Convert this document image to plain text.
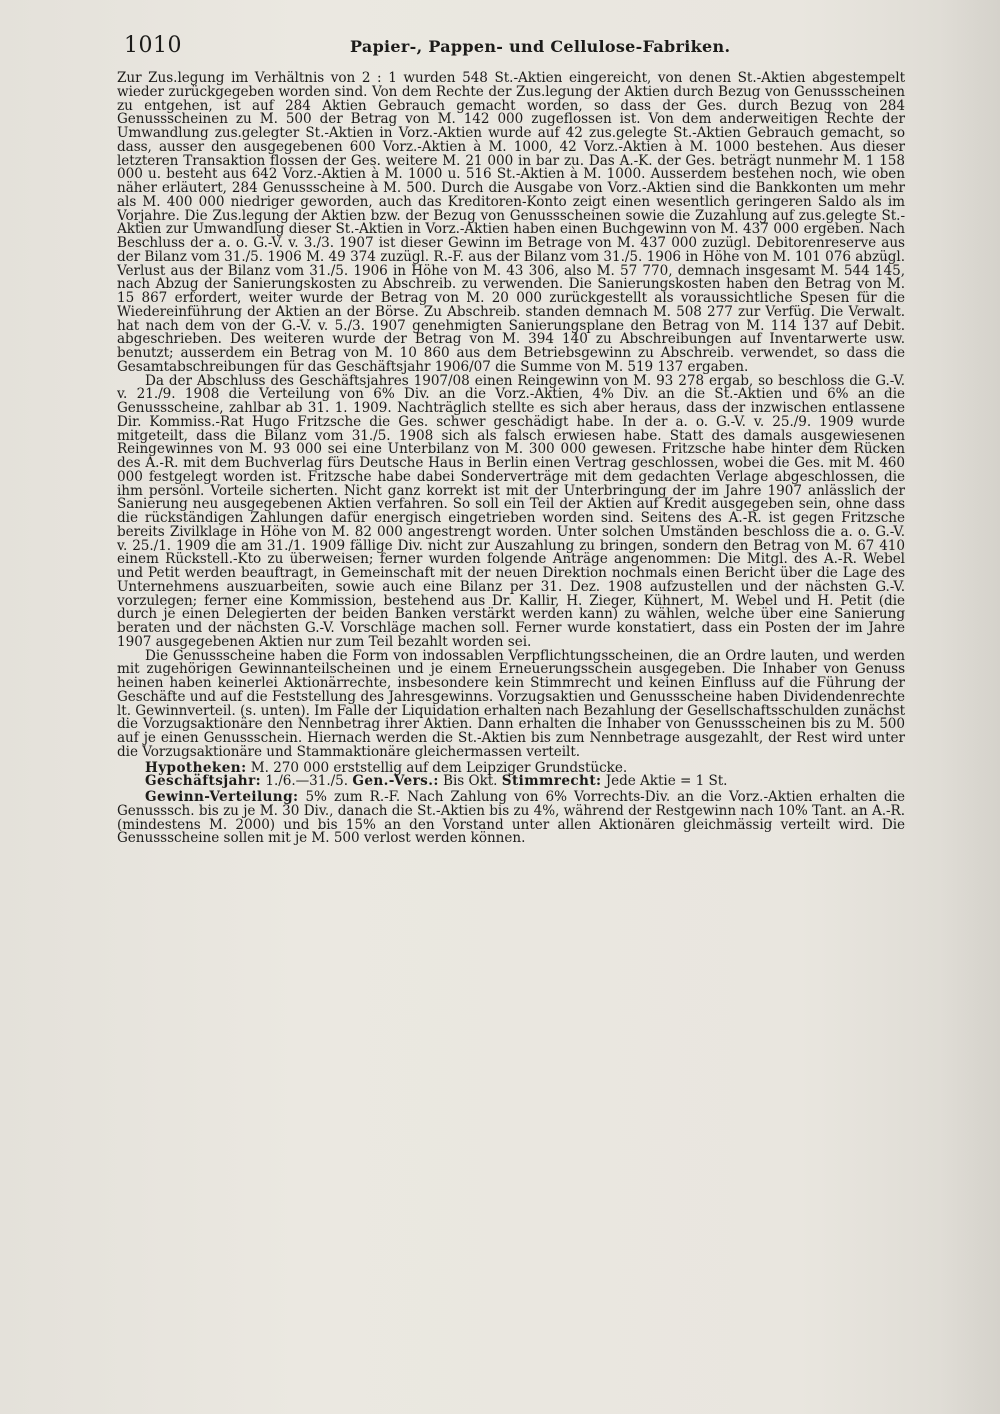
1010	Papier-, Pappen- und Cellulose-Fabriken.

Zur Zus.legung im Verhältnis von 2 : 1 wurden 548 St.-Aktien eingereicht, von denen St.-Aktien abgestempelt wieder zurückgegeben worden sind. Von dem Rechte der Zus.legung der Aktien durch Bezug von Genussscheinen zu entgehen, ist auf 284 Aktien Gebrauch gemacht worden, so dass der Ges. durch Bezug von 284 Genussscheinen zu M. 500 der Betrag von M. 142 000 zugeflossen ist. Von dem anderweitigen Rechte der Umwandlung zus.gelegter St.-Aktien in Vorz.-Aktien wurde auf 42 zus.gelegte St.-Aktien Gebrauch gemacht, so dass, ausser den ausgegebenen 600 Vorz.-Aktien à M. 1000, 42 Vorz.-Aktien à M. 1000 bestehen. Aus dieser letzteren Transaktion flossen der Ges. weitere M. 21 000 in bar zu. Das A.-K. der Ges. beträgt nunmehr M. 1 158 000 u. besteht aus 642 Vorz.-Aktien à M. 1000 u. 516 St.-Aktien à M. 1000. Ausserdem bestehen noch, wie oben näher erläutert, 284 Genussscheine à M. 500. Durch die Ausgabe von Vorz.-Aktien sind die Bankkonten um mehr als M. 400 000 niedriger geworden, auch das Kreditoren-Konto zeigt einen wesentlich geringeren Saldo als im Vorjahre. Die Zus.legung der Aktien bzw. der Bezug von Genussscheinen sowie die Zuzahlung auf zus.gelegte St.-Aktien zur Umwandlung dieser St.-Aktien in Vorz.-Aktien haben einen Buchgewinn von M. 437 000 ergeben. Nach Beschluss der a. o. G.-V. v. 3./3. 1907 ist dieser Gewinn im Betrage von M. 437 000 zuzügl. Debitorenreserve aus der Bilanz vom 31./5. 1906 M. 49 374 zuzügl. R.-F. aus der Bilanz vom 31./5. 1906 in Höhe von M. 101 076 abzügl. Verlust aus der Bilanz vom 31./5. 1906 in Höhe von M. 43 306, also M. 57 770, demnach insgesamt M. 544 145, nach Abzug der Sanierungskosten zu Abschreib. zu verwenden. Die Sanierungskosten haben den Betrag von M. 15 867 erfordert, weiter wurde der Betrag von M. 20 000 zurückgestellt als voraussichtliche Spesen für die Wiedereinführung der Aktien an der Börse. Zu Abschreib. standen demnach M. 508 277 zur Verfüg. Die Verwalt. hat nach dem von der G.-V. v. 5./3. 1907 genehmigten Sanierungsplane den Betrag von M. 114 137 auf Debit. abgeschrieben. Des weiteren wurde der Betrag von M. 394 140 zu Abschreibungen auf Inventarwerte usw. benutzt; ausserdem ein Betrag von M. 10 860 aus dem Betriebsgewinn zu Abschreib. verwendet, so dass die Gesamtabschreibungen für das Geschäftsjahr 1906/07 die Summe von M. 519 137 ergaben.

Da der Abschluss des Geschäftsjahres 1907/08 einen Reingewinn von M. 93 278 ergab, so beschloss die G.-V. v. 21./9. 1908 die Verteilung von 6% Div. an die Vorz.-Aktien, 4% Div. an die St.-Aktien und 6% an die Genussscheine, zahlbar ab 31. 1. 1909. Nachträglich stellte es sich aber heraus, dass der inzwischen entlassene Dir. Kommiss.-Rat Hugo Fritzsche die Ges. schwer geschädigt habe. In der a. o. G.-V. v. 25./9. 1909 wurde mitgeteilt, dass die Bilanz vom 31./5. 1908 sich als falsch erwiesen habe. Statt des damals ausgewiesenen Reingewinnes von M. 93 000 sei eine Unterbilanz von M. 300 000 gewesen. Fritzsche habe hinter dem Rücken des A.-R. mit dem Buchverlag fürs Deutsche Haus in Berlin einen Vertrag geschlossen, wobei die Ges. mit M. 460 000 festgelegt worden ist. Fritzsche habe dabei Sonderverträge mit dem gedachten Verlage abgeschlossen, die ihm persönl. Vorteile sicherten. Nicht ganz korrekt ist mit der Unterbringung der im Jahre 1907 anlässlich der Sanierung neu ausgegebenen Aktien verfahren. So soll ein Teil der Aktien auf Kredit ausgegeben sein, ohne dass die rückständigen Zahlungen dafür energisch eingetrieben worden sind. Seitens des A.-R. ist gegen Fritzsche bereits Zivilklage in Höhe von M. 82 000 angestrengt worden. Unter solchen Umständen beschloss die a. o. G.-V. v. 25./1. 1909 die am 31./1. 1909 fällige Div. nicht zur Auszahlung zu bringen, sondern den Betrag von M. 67 410 einem Rückstell.-Kto zu überweisen; ferner wurden folgende Anträge angenommen: Die Mitgl. des A.-R. Webel und Petit werden beauftragt, in Gemeinschaft mit der neuen Direktion nochmals einen Bericht über die Lage des Unternehmens auszuarbeiten, sowie auch eine Bilanz per 31. Dez. 1908 aufzustellen und der nächsten G.-V. vorzulegen; ferner eine Kommission, bestehend aus Dr. Kallir, H. Zieger, Kühnert, M. Webel und H. Petit (die durch je einen Delegierten der beiden Banken verstärkt werden kann) zu wählen, welche über eine Sanierung beraten und der nächsten G.-V. Vorschläge machen soll. Ferner wurde konstatiert, dass ein Posten der im Jahre 1907 ausgegebenen Aktien nur zum Teil bezahlt worden sei.

Die Genussscheine haben die Form von indossablen Verpflichtungsscheinen, die an Ordre lauten, und werden mit zugehörigen Gewinnanteilscheinen und je einem Erneuerungsschein ausgegeben. Die Inhaber von Genuss heinen haben keinerlei Aktionärrechte, insbesondere kein Stimmrecht und keinen Einfluss auf die Führung der Geschäfte und auf die Feststellung des Jahresgewinns. Vorzugsaktien und Genussscheine haben Dividendenrechte lt. Gewinnverteil. (s. unten). Im Falle der Liquidation erhalten nach Bezahlung der Gesellschaftsschulden zunächst die Vorzugsaktionäre den Nennbetrag ihrer Aktien. Dann erhalten die Inhaber von Genussscheinen bis zu M. 500 auf je einen Genussschein. Hiernach werden die St.-Aktien bis zum Nennbetrage ausgezahlt, der Rest wird unter die Vorzugsaktionäre und Stammaktionäre gleichermassen verteilt.

Hypotheken: M. 270 000 erststellig auf dem Leipziger Grundstücke.

Geschäftsjahr: 1./6.—31./5. Gen.-Vers.: Bis Okt. Stimmrecht: Jede Aktie = 1 St.

Gewinn-Verteilung: 5% zum R.-F. Nach Zahlung von 6% Vorrechts-Div. an die Vorz.-Aktien erhalten die Genusssch. bis zu je M. 30 Div., danach die St.-Aktien bis zu 4%, während der Restgewinn nach 10% Tant. an A.-R. (mindestens M. 2000) und bis 15% an den Vorstand unter allen Aktionären gleichmässig verteilt wird. Die Genussscheine sollen mit je M. 500 verlost werden können.
